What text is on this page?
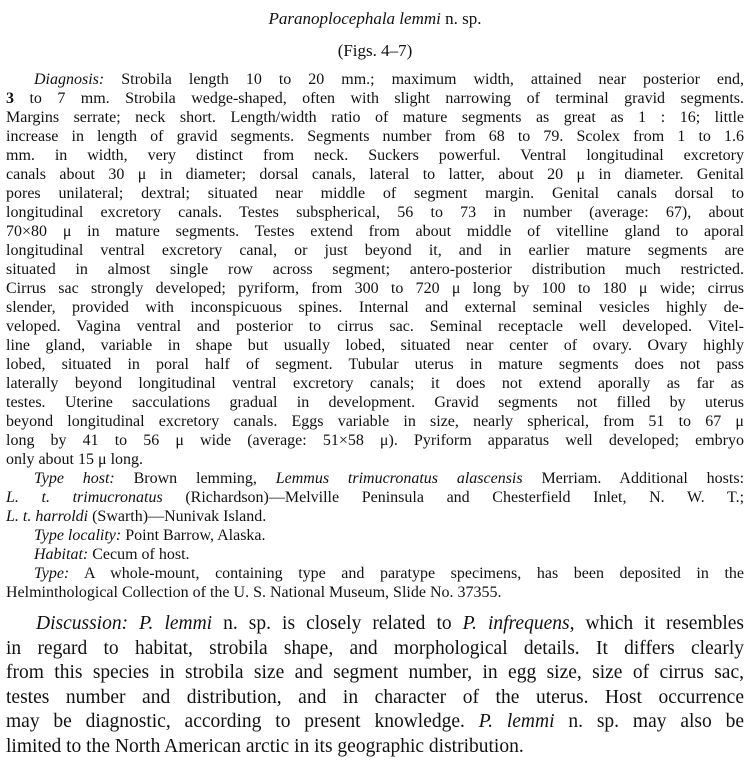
Paranoplocephala lemmi n. sp.
(Figs. 4–7)
Diagnosis: Strobila length 10 to 20 mm.; maximum width, attained near posterior end,
3 to 7 mm. Strobila wedge-shaped, often with slight narrowing of terminal gravid segments.
Margins serrate; neck short. Length/width ratio of mature segments as great as 1 : 16; little
increase in length of gravid segments. Segments number from 68 to 79. Scolex from 1 to 1.6
mm. in width, very distinct from neck. Suckers powerful. Ventral longitudinal excretory
canals about 30 μ in diameter; dorsal canals, lateral to latter, about 20 μ in diameter. Genital
pores unilateral; dextral; situated near middle of segment margin. Genital canals dorsal to
longitudinal excretory canals. Testes subspherical, 56 to 73 in number (average: 67), about
70×80 μ in mature segments. Testes extend from about middle of vitelline gland to aporal
longitudinal ventral excretory canal, or just beyond it, and in earlier mature segments are
situated in almost single row across segment; antero-posterior distribution much restricted.
Cirrus sac strongly developed; pyriform, from 300 to 720 μ long by 100 to 180 μ wide; cirrus
slender, provided with inconspicuous spines. Internal and external seminal vesicles highly de-
veloped. Vagina ventral and posterior to cirrus sac. Seminal receptacle well developed. Vitel-
line gland, variable in shape but usually lobed, situated near center of ovary. Ovary highly
lobed, situated in poral half of segment. Tubular uterus in mature segments does not pass
laterally beyond longitudinal ventral excretory canals; it does not extend aporally as far as
testes. Uterine sacculations gradual in development. Gravid segments not filled by uterus
beyond longitudinal excretory canals. Eggs variable in size, nearly spherical, from 51 to 67 μ
long by 41 to 56 μ wide (average: 51×58 μ). Pyriform apparatus well developed; embryo
only about 15 μ long.
Type host: Brown lemming, Lemmus trimucronatus alascensis Merriam. Additional hosts:
L. t. trimucronatus (Richardson)—Melville Peninsula and Chesterfield Inlet, N. W. T.;
L. t. harroldi (Swarth)—Nunivak Island.
Type locality: Point Barrow, Alaska.
Habitat: Cecum of host.
Type: A whole-mount, containing type and paratype specimens, has been deposited in the
Helminthological Collection of the U. S. National Museum, Slide No. 37355.
Discussion: P. lemmi n. sp. is closely related to P. infrequens, which it resembles
in regard to habitat, strobila shape, and morphological details. It differs clearly
from this species in strobila size and segment number, in egg size, size of cirrus sac,
testes number and distribution, and in character of the uterus. Host occurrence
may be diagnostic, according to present knowledge. P. lemmi n. sp. may also be
limited to the North American arctic in its geographic distribution.
